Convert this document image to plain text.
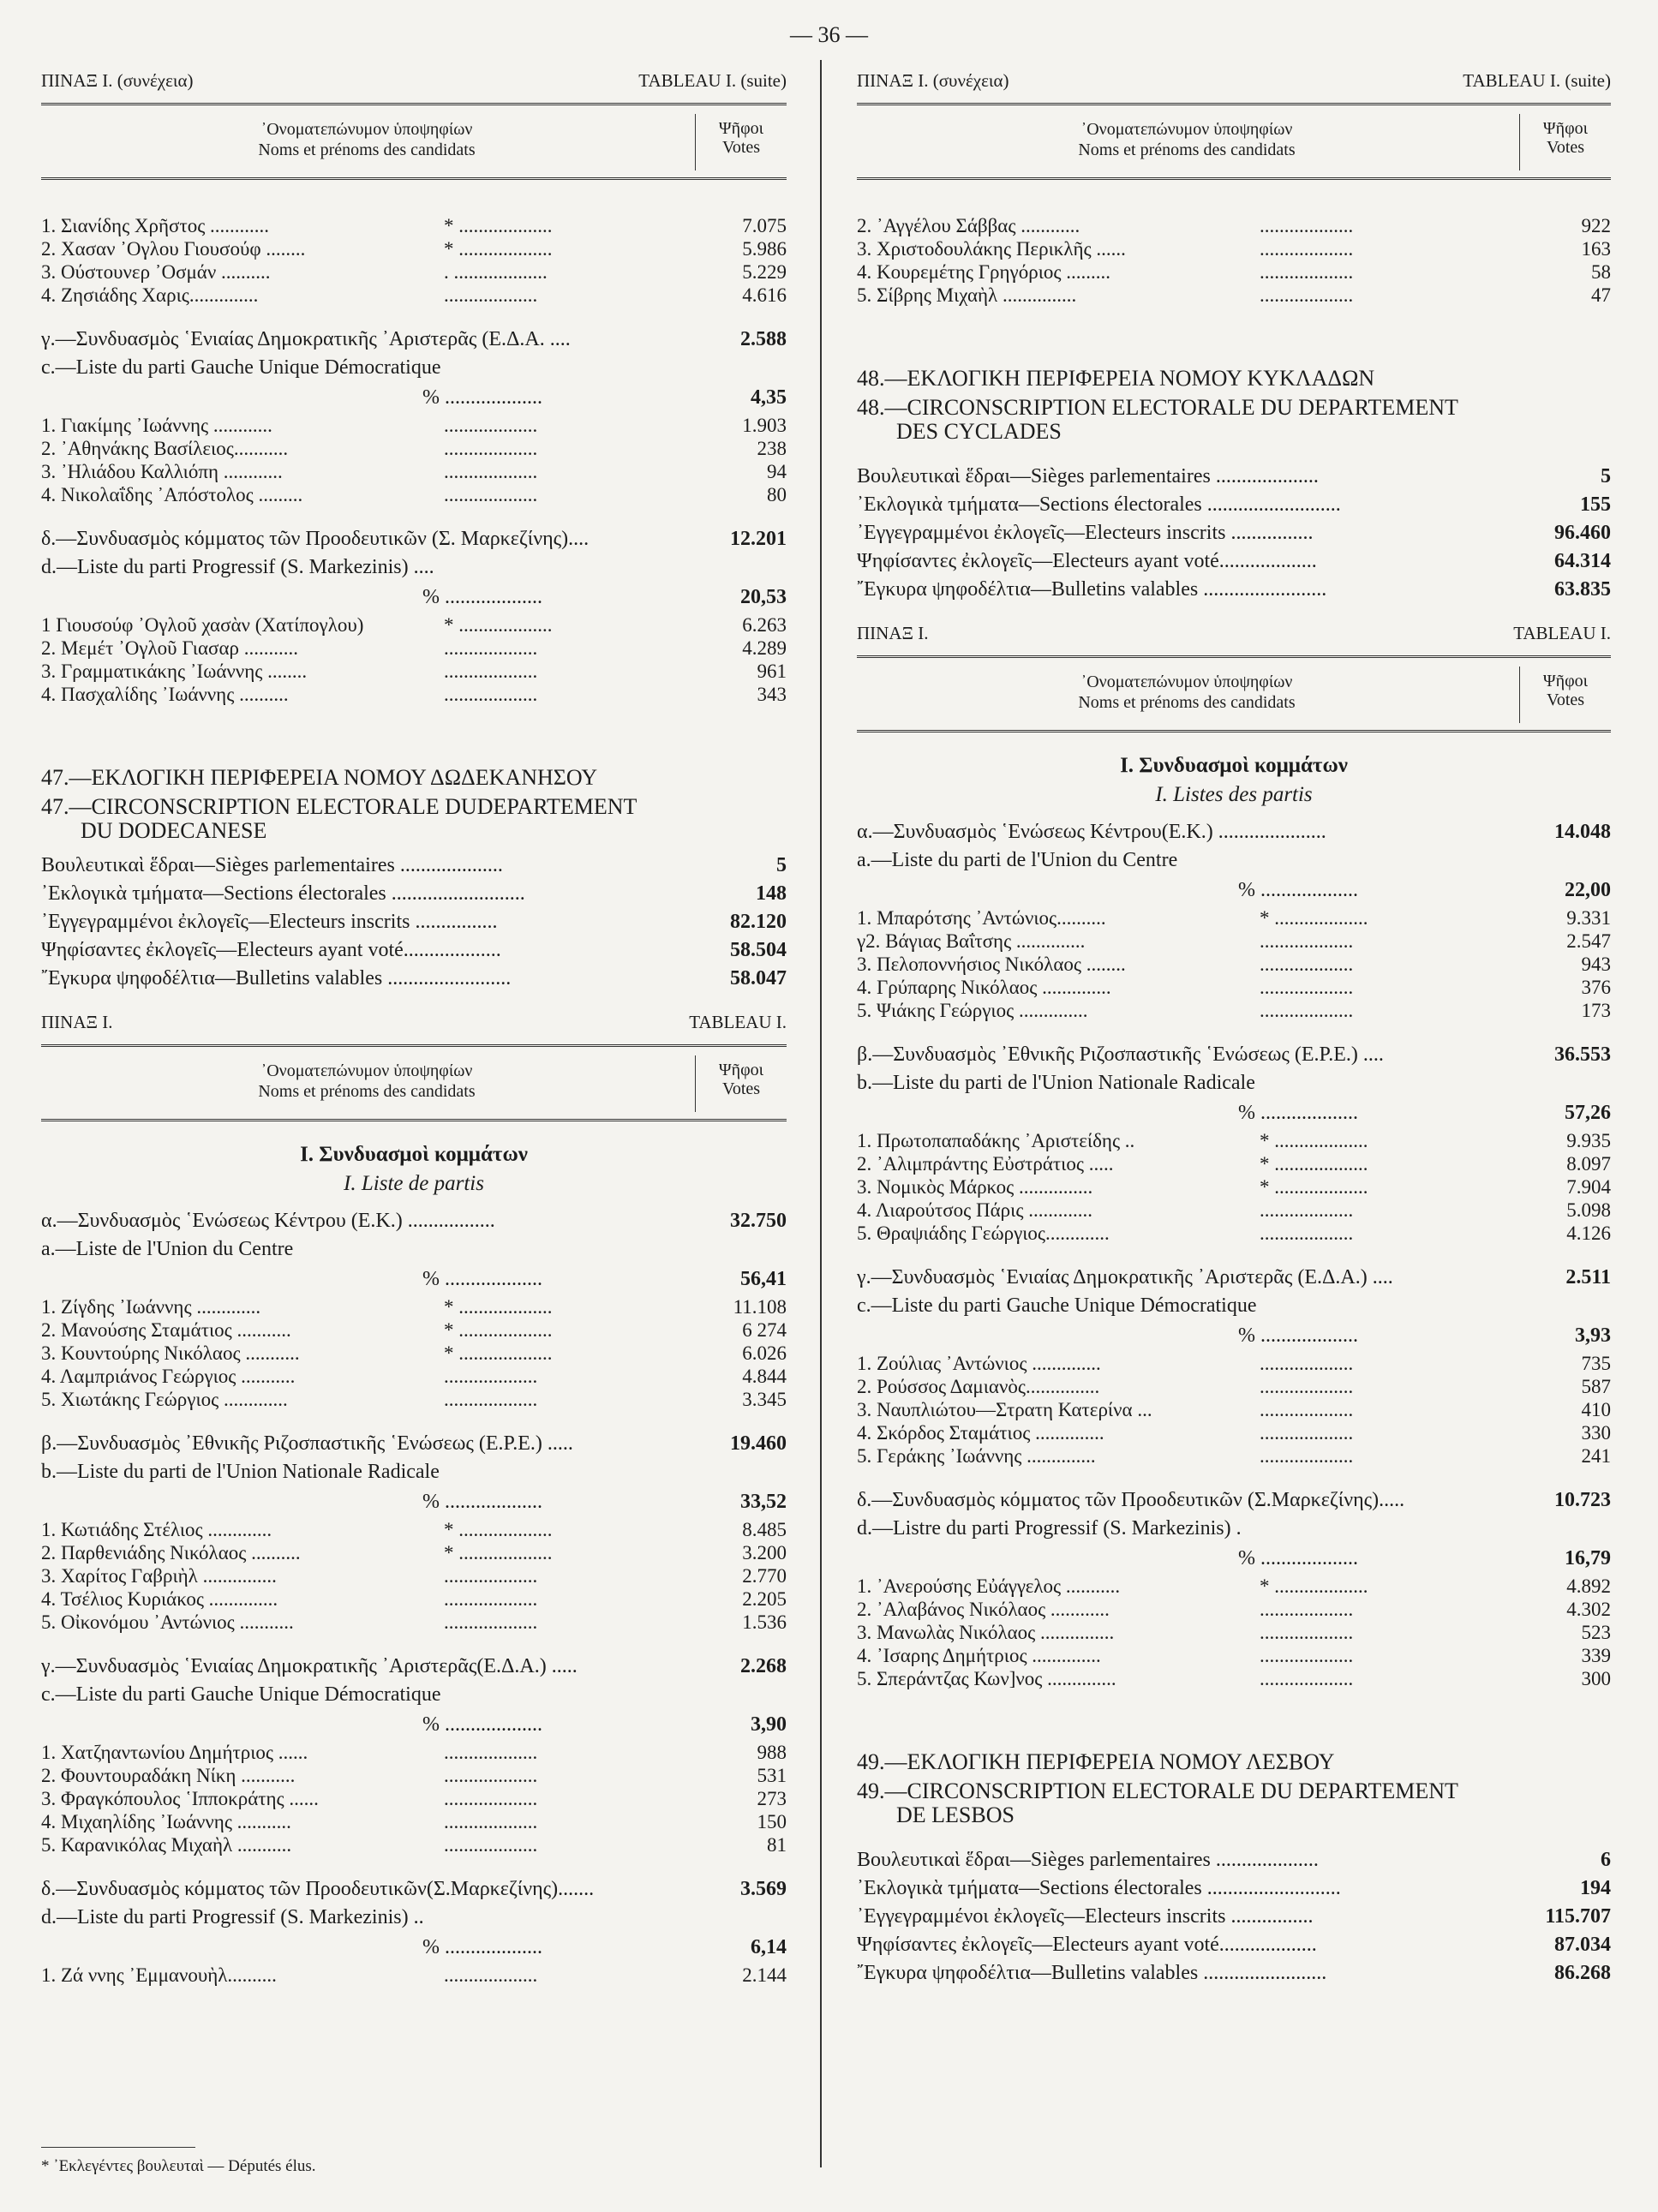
— 36 —
ΠΙΝΑΞ Ι. (συνέχεια)	TABLEAU I. (suite)
᾿Ονοματεπώνυμον ὑποψηφίων
Noms et prénoms des candidats
Ψῆφοι
Votes
1. Σιανίδης Χρῆστος ............	* ...................	7.075
2. Χασαν ᾿Ογλου Γιουσούφ ........	* ...................	5.986
3. Ούστουνερ ᾿Οσμάν ..........	. ...................	5.229
4. Ζησιάδης Χαρις..............	...................	4.616
γ.—Συνδυασμὸς ῾Ενιαίας Δημοκρατικῆς ᾿Αριστερᾶς (Ε.Δ.Α. ....	2.588
c.—Liste du parti Gauche Unique Démocratique
% ...................	4,35
1. Γιακίμης ᾿Ιωάννης ............	...................	1.903
2. ᾿Αθηνάκης Βασίλειος...........	...................	238
3. ᾿Ηλιάδου Καλλιόπη ............	...................	94
4. Νικολαΐδης ᾿Απόστολος .........	...................	80
δ.—Συνδυασμὸς κόμματος τῶν Προοδευτικῶν (Σ. Μαρκεζίνης)....	12.201
d.—Liste du parti Progressif (S. Markezinis) ....
% ...................	20,53
1 Γιουσούφ ᾿Ογλοῦ χασὰν (Χατίπογλου)	* ...................	6.263
2. Μεμέτ ᾿Ογλοῦ Γιασαρ ...........	...................	4.289
3. Γραμματικάκης ᾿Ιωάννης ........	...................	961
4. Πασχαλίδης ᾿Ιωάννης ..........	...................	343
47.—ΕΚΛΟΓΙΚΗ ΠΕΡΙΦΕΡΕΙΑ ΝΟΜΟΥ ΔΩΔΕΚΑΝΗΣΟΥ
47.—CIRCONSCRIPTION ELECTORALE DUDEPARTEMENT
DU DODECANESE
Βουλευτικαὶ ἕδραι—Sièges parlementaires ....................	5
᾿Εκλογικὰ τμήματα—Sections électorales ..........................	148
᾿Εγγεγραμμένοι ἐκλογεῖς—Electeurs inscrits ................	82.120
Ψηφίσαντες ἐκλογεῖς—Electeurs ayant voté...................	58.504
῎Εγκυρα ψηφοδέλτια—Bulletins valables ........................	58.047
ΠΙΝΑΞ Ι.	TABLEAU I.
᾿Ονοματεπώνυμον ὑποψηφίων
Noms et prénoms des candidats
Ψῆφοι
Votes
Ι. Συνδυασμοὶ κομμάτων
I. Liste de partis
α.—Συνδυασμὸς ῾Ενώσεως Κέντρου (Ε.Κ.) .................	32.750
a.—Liste de l'Union du Centre
% ...................	56,41
1. Ζίγδης ᾿Ιωάννης .............	* ...................	11.108
2. Μανούσης Σταμάτιος ...........	* ...................	6 274
3. Κουντούρης Νικόλαος ...........	* ...................	6.026
4. Λαμπριάνος Γεώργιος ...........	...................	4.844
5. Χιωτάκης Γεώργιος .............	...................	3.345
β.—Συνδυασμὸς ᾿Εθνικῆς Ριζοσπαστικῆς ῾Ενώσεως (Ε.Ρ.Ε.) .....	19.460
b.—Liste du parti de l'Union Nationale Radicale
% ...................	33,52
1. Κωτιάδης Στέλιος .............	* ...................	8.485
2. Παρθενιάδης Νικόλαος ..........	* ...................	3.200
3. Χαρίτος Γαβριὴλ ...............	...................	2.770
4. Τσέλιος Κυριάκος ..............	...................	2.205
5. Οἰκονόμου ᾿Αντώνιος ...........	...................	1.536
γ.—Συνδυασμὸς ῾Ενιαίας Δημοκρατικῆς ᾿Αριστερᾶς(Ε.Δ.Α.) .....	2.268
c.—Liste du parti Gauche Unique Démocratique
% ...................	3,90
1. Χατζηαντωνίου Δημήτριος ......	...................	988
2. Φουντουραδάκη Νίκη ...........	...................	531
3. Φραγκόπουλος ῾Ιπποκράτης ......	...................	273
4. Μιχαηλίδης ᾿Ιωάννης ...........	...................	150
5. Καρανικόλας Μιχαὴλ ...........	...................	81
δ.—Συνδυασμὸς κόμματος τῶν Προοδευτικῶν(Σ.Μαρκεζίνης).......	3.569
d.—Liste du parti Progressif (S. Markezinis) ..
% ...................	6,14
1. Ζά ννης ᾿Εμμανουὴλ..........	...................	2.144
* ᾿Εκλεγέντες βουλευταὶ — Députés élus.
ΠΙΝΑΞ Ι. (συνέχεια)	TABLEAU I. (suite)
᾿Ονοματεπώνυμον ὑποψηφίων
Noms et prénoms des candidats
Ψῆφοι
Votes
2. ᾿Αγγέλου Σάββας ............	...................	922
3. Χριστοδουλάκης Περικλῆς ......	...................	163
4. Κουρεμέτης Γρηγόριος .........	...................	58
5. Σίβρης Μιχαὴλ ...............	...................	47
48.—ΕΚΛΟΓΙΚΗ ΠΕΡΙΦΕΡΕΙΑ ΝΟΜΟΥ ΚΥΚΛΑΔΩΝ
48.—CIRCONSCRIPTION ELECTORALE DU DEPARTEMENT
DES CYCLADES
Βουλευτικαὶ ἕδραι—Sièges parlementaires ....................	5
᾿Εκλογικὰ τμήματα—Sections électorales ..........................	155
᾿Εγγεγραμμένοι ἐκλογεῖς—Electeurs inscrits ................	96.460
Ψηφίσαντες ἐκλογεῖς—Electeurs ayant voté...................	64.314
῎Εγκυρα ψηφοδέλτια—Bulletins valables ........................	63.835
ΠΙΝΑΞ Ι.	TABLEAU I.
᾿Ονοματεπώνυμον ὑποψηφίων
Noms et prénoms des candidats
Ψῆφοι
Votes
Ι. Συνδυασμοὶ κομμάτων
I. Listes des partis
α.—Συνδυασμὸς ῾Ενώσεως Κέντρου(Ε.Κ.) .....................	14.048
a.—Liste du parti de l'Union du Centre
% ...................	22,00
1. Μπαρότσης ᾿Αντώνιος..........	* ...................	9.331
γ2. Βάγιας Βαΐτσης ..............	...................	2.547
3. Πελοποννήσιος Νικόλαος ........	...................	943
4. Γρύπαρης Νικόλαος ..............	...................	376
5. Ψιάκης Γεώργιος ..............	...................	173
β.—Συνδυασμὸς ᾿Εθνικῆς Ριζοσπαστικῆς ῾Ενώσεως (Ε.Ρ.Ε.) ....	36.553
b.—Liste du parti de l'Union Nationale Radicale
% ...................	57,26
1. Πρωτοπαπαδάκης ᾿Αριστείδης ..	* ...................	9.935
2. ᾿Αλιμπράντης Εὐστράτιος .....	* ...................	8.097
3. Νομικὸς Μάρκος ...............	* ...................	7.904
4. Λιαρούτσος Πάρις .............	...................	5.098
5. Θραψιάδης Γεώργιος.............	...................	4.126
γ.—Συνδυασμὸς ῾Ενιαίας Δημοκρατικῆς ᾿Αριστερᾶς (Ε.Δ.Α.) ....	2.511
c.—Liste du parti Gauche Unique Démocratique
% ...................	3,93
1. Ζούλιας ᾿Αντώνιος ..............	...................	735
2. Ρούσσος Δαμιανὸς...............	...................	587
3. Ναυπλιώτου—Στρατη Κατερίνα ...	...................	410
4. Σκόρδος Σταμάτιος ..............	...................	330
5. Γεράκης ᾿Ιωάννης ..............	...................	241
δ.—Συνδυασμὸς κόμματος τῶν Προοδευτικῶν (Σ.Μαρκεζίνης).....	10.723
d.—Listre du parti Progressif (S. Markezinis) .
% ...................	16,79
1. ᾿Ανερούσης Εὐάγγελος ...........	* ...................	4.892
2. ᾿Αλαβάνος Νικόλαος ............	...................	4.302
3. Μανωλὰς Νικόλαος ...............	...................	523
4. ᾿Ισαρης Δημήτριος ..............	...................	339
5. Σπεράντζας Κων]νος ..............	...................	300
49.—ΕΚΛΟΓΙΚΗ ΠΕΡΙΦΕΡΕΙΑ ΝΟΜΟΥ ΛΕΣΒΟΥ
49.—CIRCONSCRIPTION ELECTORALE DU DEPARTEMENT
DE LESBOS
Βουλευτικαὶ ἕδραι—Sièges parlementaires ....................	6
᾿Εκλογικὰ τμήματα—Sections électorales ..........................	194
᾿Εγγεγραμμένοι ἐκλογεῖς—Electeurs inscrits ................	115.707
Ψηφίσαντες ἐκλογεῖς—Electeurs ayant voté...................	87.034
῎Εγκυρα ψηφοδέλτια—Bulletins valables ........................	86.268
